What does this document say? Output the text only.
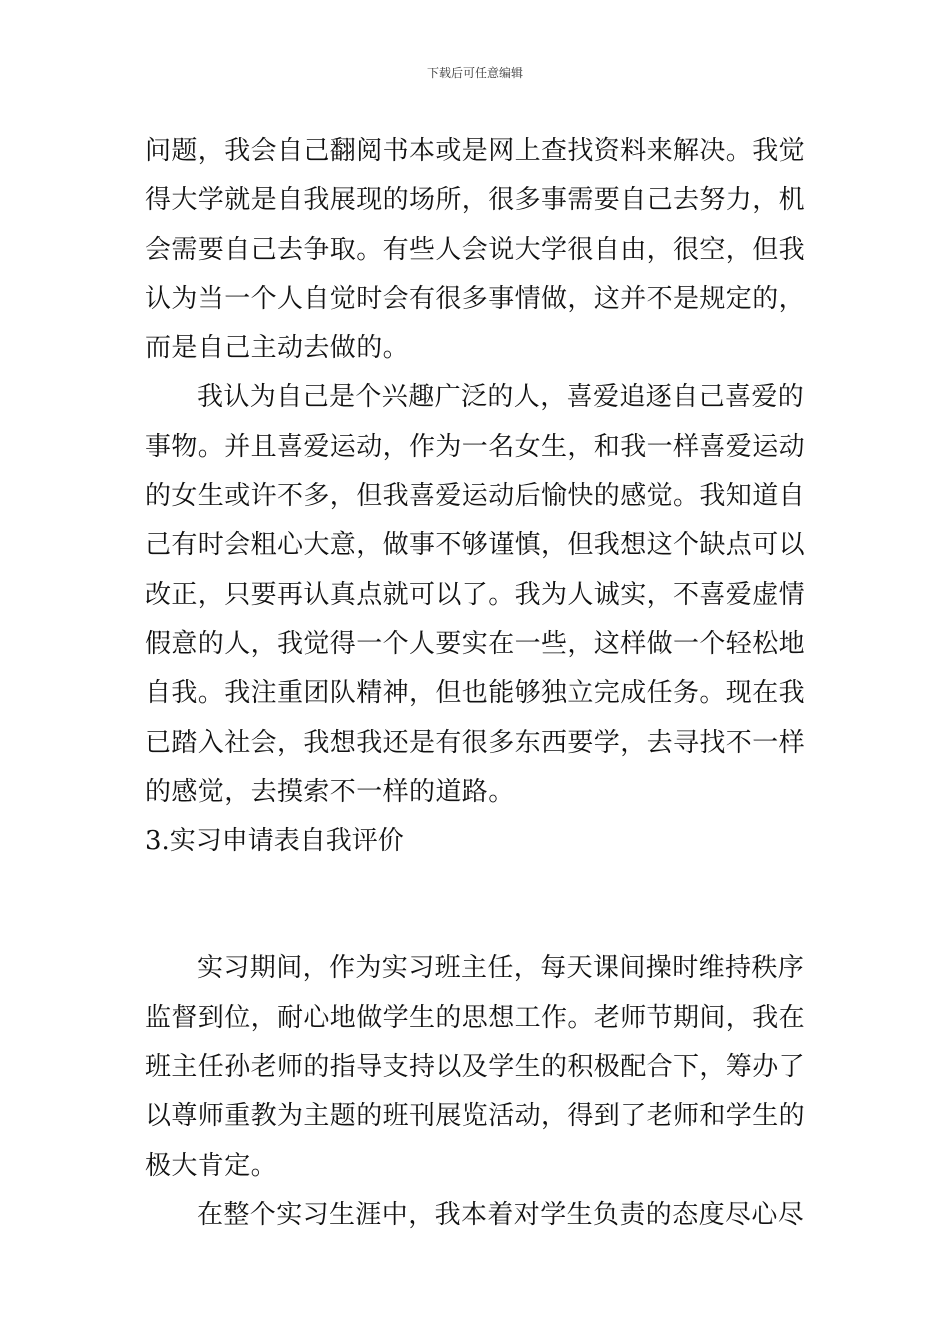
下载后可任意编辑
问题，我会自己翻阅书本或是网上查找资料来解决。我觉
得大学就是自我展现的场所，很多事需要自己去努力，机
会需要自己去争取。有些人会说大学很自由，很空，但我
认为当一个人自觉时会有很多事情做，这并不是规定的，
而是自己主动去做的。
我认为自己是个兴趣广泛的人，喜爱追逐自己喜爱的
事物。并且喜爱运动，作为一名女生，和我一样喜爱运动
的女生或许不多，但我喜爱运动后愉快的感觉。我知道自
己有时会粗心大意，做事不够谨慎，但我想这个缺点可以
改正，只要再认真点就可以了。我为人诚实，不喜爱虚情
假意的人，我觉得一个人要实在一些，这样做一个轻松地
自我。我注重团队精神，但也能够独立完成任务。现在我
已踏入社会，我想我还是有很多东西要学，去寻找不一样
的感觉，去摸索不一样的道路。
3.实习申请表自我评价
实习期间，作为实习班主任，每天课间操时维持秩序
监督到位，耐心地做学生的思想工作。老师节期间，我在
班主任孙老师的指导支持以及学生的积极配合下，筹办了
以尊师重教为主题的班刊展览活动，得到了老师和学生的
极大肯定。
在整个实习生涯中，我本着对学生负责的态度尽心尽
